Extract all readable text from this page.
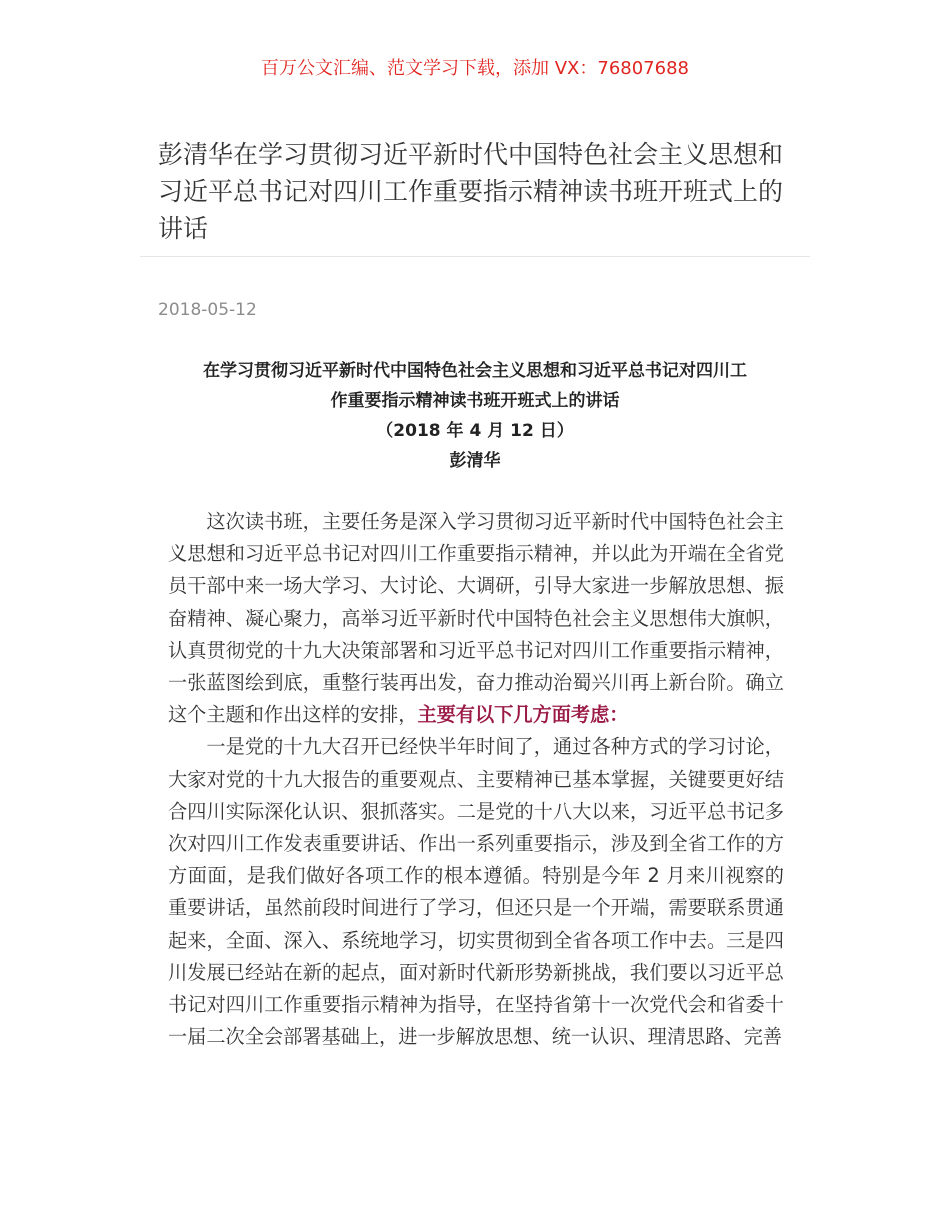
百万公文汇编、范文学习下载，添加 VX：76807688
彭清华在学习贯彻习近平新时代中国特色社会主义思想和习近平总书记对四川工作重要指示精神读书班开班式上的讲话
2018-05-12
在学习贯彻习近平新时代中国特色社会主义思想和习近平总书记对四川工
作重要指示精神读书班开班式上的讲话
（2018 年 4 月 12 日）
彭清华

这次读书班，主要任务是深入学习贯彻习近平新时代中国特色社会主义思想和习近平总书记对四川工作重要指示精神，并以此为开端在全省党员干部中来一场大学习、大讨论、大调研，引导大家进一步解放思想、振奋精神、凝心聚力，高举习近平新时代中国特色社会主义思想伟大旗帜，认真贯彻党的十九大决策部署和习近平总书记对四川工作重要指示精神，一张蓝图绘到底，重整行装再出发，奋力推动治蜀兴川再上新台阶。确立这个主题和作出这样的安排，主要有以下几方面考虑：

一是党的十九大召开已经快半年时间了，通过各种方式的学习讨论，大家对党的十九大报告的重要观点、主要精神已基本掌握，关键要更好结合四川实际深化认识、狠抓落实。二是党的十八大以来，习近平总书记多次对四川工作发表重要讲话、作出一系列重要指示，涉及到全省工作的方方面面，是我们做好各项工作的根本遵循。特别是今年 2 月来川视察的重要讲话，虽然前段时间进行了学习，但还只是一个开端，需要联系贯通起来，全面、深入、系统地学习，切实贯彻到全省各项工作中去。三是四川发展已经站在新的起点，面对新时代新形势新挑战，我们要以习近平总书记对四川工作重要指示精神为指导，在坚持省第十一次党代会和省委十一届二次全会部署基础上，进一步解放思想、统一认识、理清思路、完善
